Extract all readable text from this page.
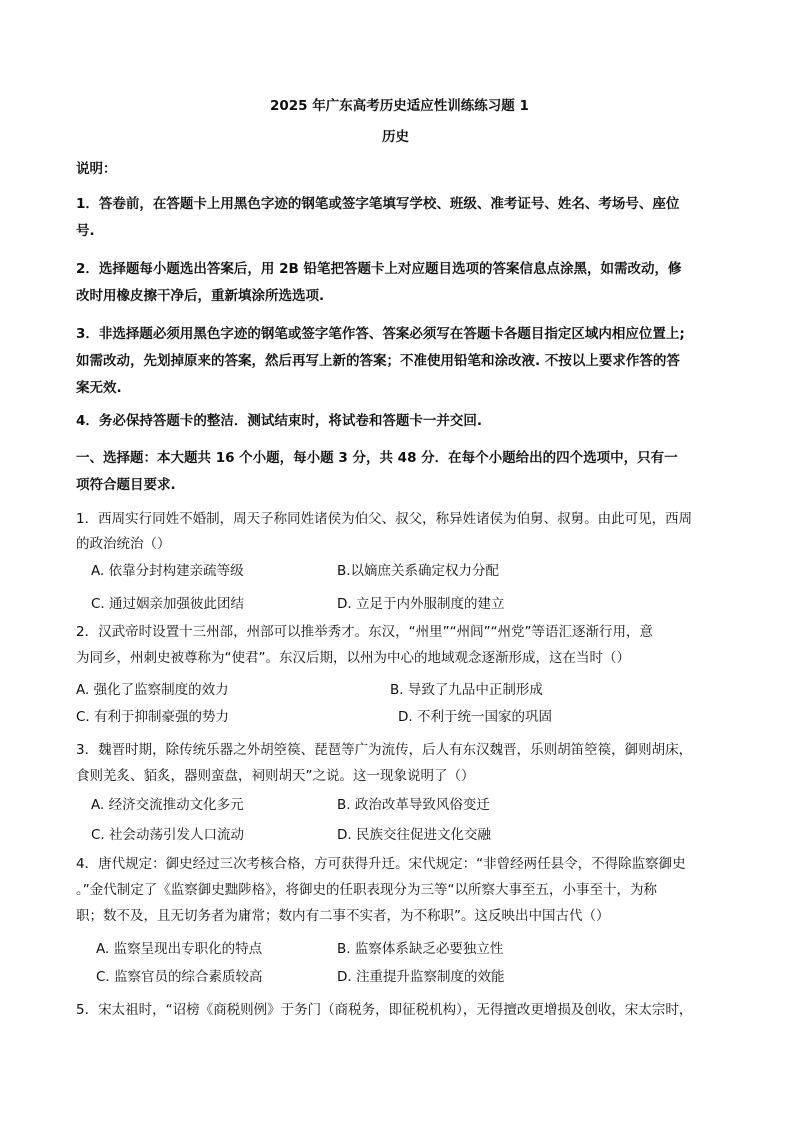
2025 年广东高考历史适应性训练练习题 1
历史
说明：
1．答卷前，在答题卡上用黑色字迹的钢笔或签字笔填写学校、班级、准考证号、姓名、考场号、座位
号.
2．选择题每小题选出答案后，用 2B 铅笔把答题卡上对应题目选项的答案信息点涂黑，如需改动，修
改时用橡皮擦干净后，重新填涂所选选项.
3．非选择题必须用黑色字迹的钢笔或签字笔作答、答案必须写在答题卡各题目指定区域内相应位置上;
如需改动，先划掉原来的答案，然后再写上新的答案；不准使用铅笔和涂改液. 不按以上要求作答的答
案无效.
4．务必保持答题卡的整洁．测试结束时，将试卷和答题卡一并交回.
一、选择题：本大题共 16 个小题，每小题 3 分，共 48 分．在每个小题给出的四个选项中，只有一
项符合题目要求.
1．西周实行同姓不婚制，周天子称同姓诸侯为伯父、叔父，称异姓诸侯为伯舅、叔舅。由此可见，西周
的政治统治（）
A. 依靠分封构建亲疏等级	B.以嫡庶关系确定权力分配
C. 通过姻亲加强彼此团结	D. 立足于内外服制度的建立
2．汉武帝时设置十三州部，州部可以推举秀才。东汉，“州里”“州闾”“州党”等语汇逐渐行用，意
为同乡，州刺史被尊称为“使君”。东汉后期，以州为中心的地域观念逐渐形成，这在当时（）
A. 强化了监察制度的效力	B. 导致了九品中正制形成
C. 有利于抑制豪强的势力	D. 不利于统一国家的巩固
3．魏晋时期，除传统乐器之外胡箜篌、琵琶等广为流传，后人有东汉魏晋，乐则胡笛箜篌，御则胡床，
食则羌炙、貊炙，器则蛮盘，祠则胡天”之说。这一现象说明了（）
A. 经济交流推动文化多元	B. 政治改革导致风俗变迁
C. 社会动荡引发人口流动	D. 民族交往促进文化交融
4．唐代规定：御史经过三次考核合格，方可获得升迁。宋代规定：“非曾经两任县令，不得除监察御史
。”金代制定了《监察御史黜陟格》，将御史的任职表现分为三等“以所察大事至五，小事至十，为称
职；数不及，且无切务者为庸常；数内有二事不实者，为不称职”。这反映出中国古代（）
A. 监察呈现出专职化的特点	B. 监察体系缺乏必要独立性
C. 监察官员的综合素质较高	D. 注重提升监察制度的效能
5．宋太祖时，“诏榜《商税则例》于务门（商税务，即征税机构），无得擅改更增损及创收，宋太宗时，
